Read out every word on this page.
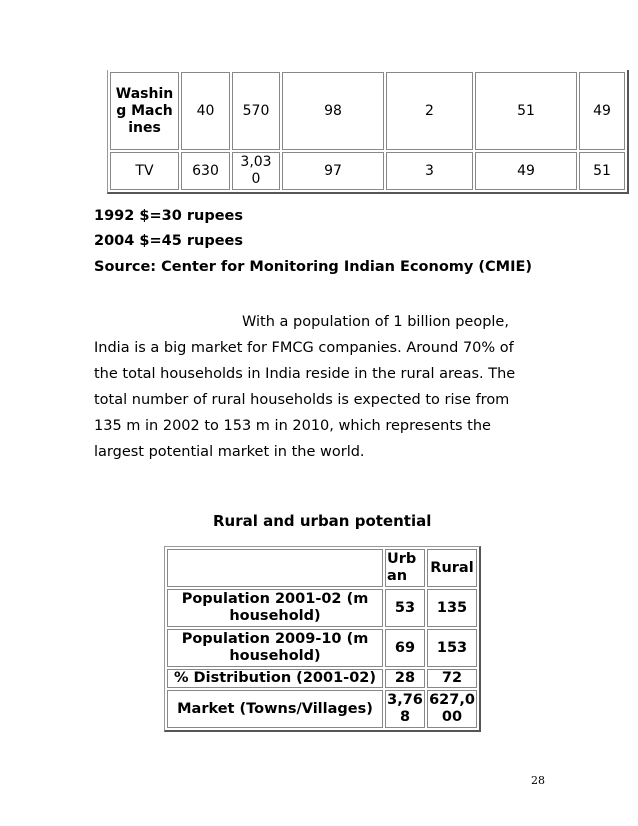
Washing Machines	40	570	98	2	51	49
TV	630	3,030	97	3	49	51
1992 $=30 rupees
2004 $=45 rupees
Source: Center for Monitoring Indian Economy (CMIE)

With a population of 1 billion people,
India is a big market for FMCG companies. Around 70% of
the total households in India reside in the rural areas. The
total number of rural households is expected to rise from
135 m in 2002 to 153 m in 2010, which represents the
largest potential market in the world.

Rural and urban potential
	Urban	Rural
Population 2001-02 (m household)	53	135
Population 2009-10 (m household)	69	153
% Distribution (2001-02)	28	72
Market (Towns/Villages)	3,768	627,000
28
